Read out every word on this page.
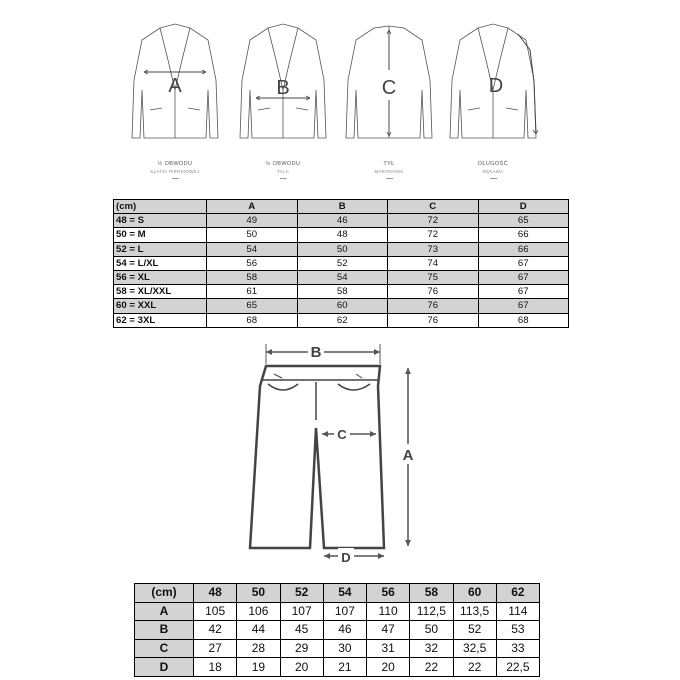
A	B	C	D
½ OBWODU
KLATKI PIERSIOWEJ
½ OBWODU
TALII
TYŁ
MARYNARKI
DŁUGOŚĆ
RĘKAWA
(cm)	A	B	C	D
48 = S	49	46	72	65
50 = M	50	48	72	66
52 = L	54	50	73	66
54 = L/XL	56	52	74	67
56 = XL	58	54	75	67
58 = XL/XXL	61	58	76	67
60 = XXL	65	60	76	67
62 = 3XL	68	62	76	68
B
C
A
D
(cm)	48	50	52	54	56	58	60	62
A	105	106	107	107	110	112,5	113,5	114
B	42	44	45	46	47	50	52	53
C	27	28	29	30	31	32	32,5	33
D	18	19	20	21	20	22	22	22,5
